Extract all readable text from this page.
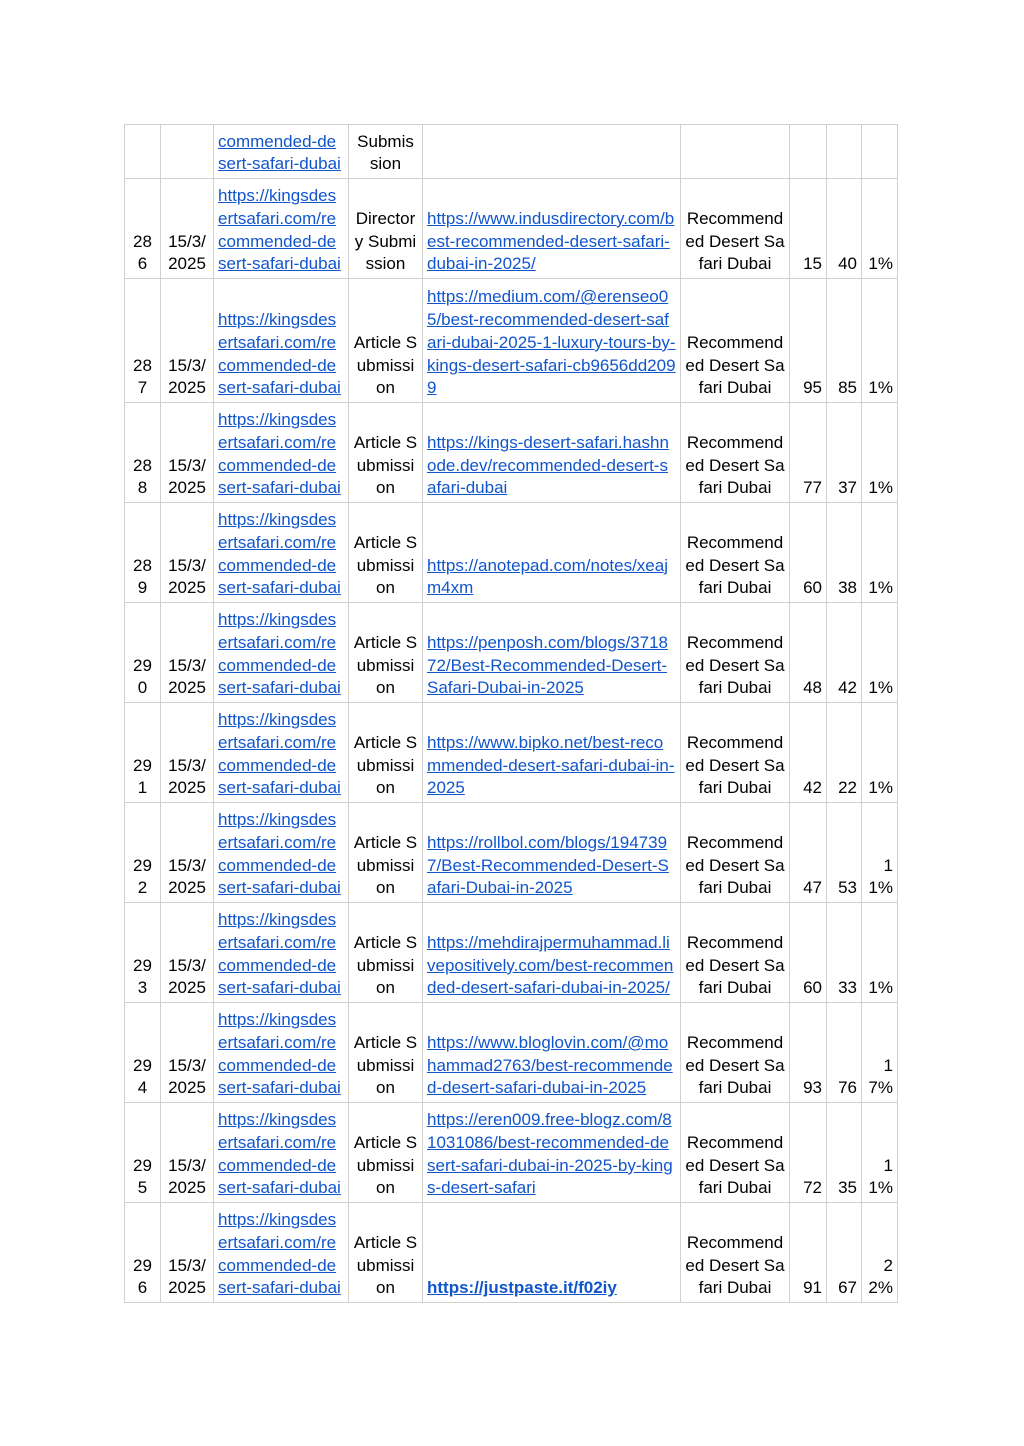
		commended-desert-safari-dubai	Submission					
286	15/3/2025	https://kingsdesertsafari.com/recommended-desert-safari-dubai	Directory Submission	https://www.indusdirectory.com/best-recommended-desert-safari-dubai-in-2025/	Recommended Desert Safari Dubai	15	40	1%
287	15/3/2025	https://kingsdesertsafari.com/recommended-desert-safari-dubai	Article Submission	https://medium.com/@erenseo05/best-recommended-desert-safari-dubai-2025-1-luxury-tours-by-kings-desert-safari-cb9656dd2099	Recommended Desert Safari Dubai	95	85	1%
288	15/3/2025	https://kingsdesertsafari.com/recommended-desert-safari-dubai	Article Submission	https://kings-desert-safari.hashnode.dev/recommended-desert-safari-dubai	Recommended Desert Safari Dubai	77	37	1%
289	15/3/2025	https://kingsdesertsafari.com/recommended-desert-safari-dubai	Article Submission	https://anotepad.com/notes/xeajm4xm	Recommended Desert Safari Dubai	60	38	1%
290	15/3/2025	https://kingsdesertsafari.com/recommended-desert-safari-dubai	Article Submission	https://penposh.com/blogs/371872/Best-Recommended-Desert-Safari-Dubai-in-2025	Recommended Desert Safari Dubai	48	42	1%
291	15/3/2025	https://kingsdesertsafari.com/recommended-desert-safari-dubai	Article Submission	https://www.bipko.net/best-recommended-desert-safari-dubai-in-2025	Recommended Desert Safari Dubai	42	22	1%
292	15/3/2025	https://kingsdesertsafari.com/recommended-desert-safari-dubai	Article Submission	https://rollbol.com/blogs/1947397/Best-Recommended-Desert-Safari-Dubai-in-2025	Recommended Desert Safari Dubai	47	53	11%
293	15/3/2025	https://kingsdesertsafari.com/recommended-desert-safari-dubai	Article Submission	https://mehdirajpermuhammad.livepositively.com/best-recommended-desert-safari-dubai-in-2025/	Recommended Desert Safari Dubai	60	33	1%
294	15/3/2025	https://kingsdesertsafari.com/recommended-desert-safari-dubai	Article Submission	https://www.bloglovin.com/@mohammad2763/best-recommended-desert-safari-dubai-in-2025	Recommended Desert Safari Dubai	93	76	17%
295	15/3/2025	https://kingsdesertsafari.com/recommended-desert-safari-dubai	Article Submission	https://eren009.free-blogz.com/81031086/best-recommended-desert-safari-dubai-in-2025-by-kings-desert-safari	Recommended Desert Safari Dubai	72	35	11%
296	15/3/2025	https://kingsdesertsafari.com/recommended-desert-safari-dubai	Article Submission	https://justpaste.it/f02iy	Recommended Desert Safari Dubai	91	67	22%
